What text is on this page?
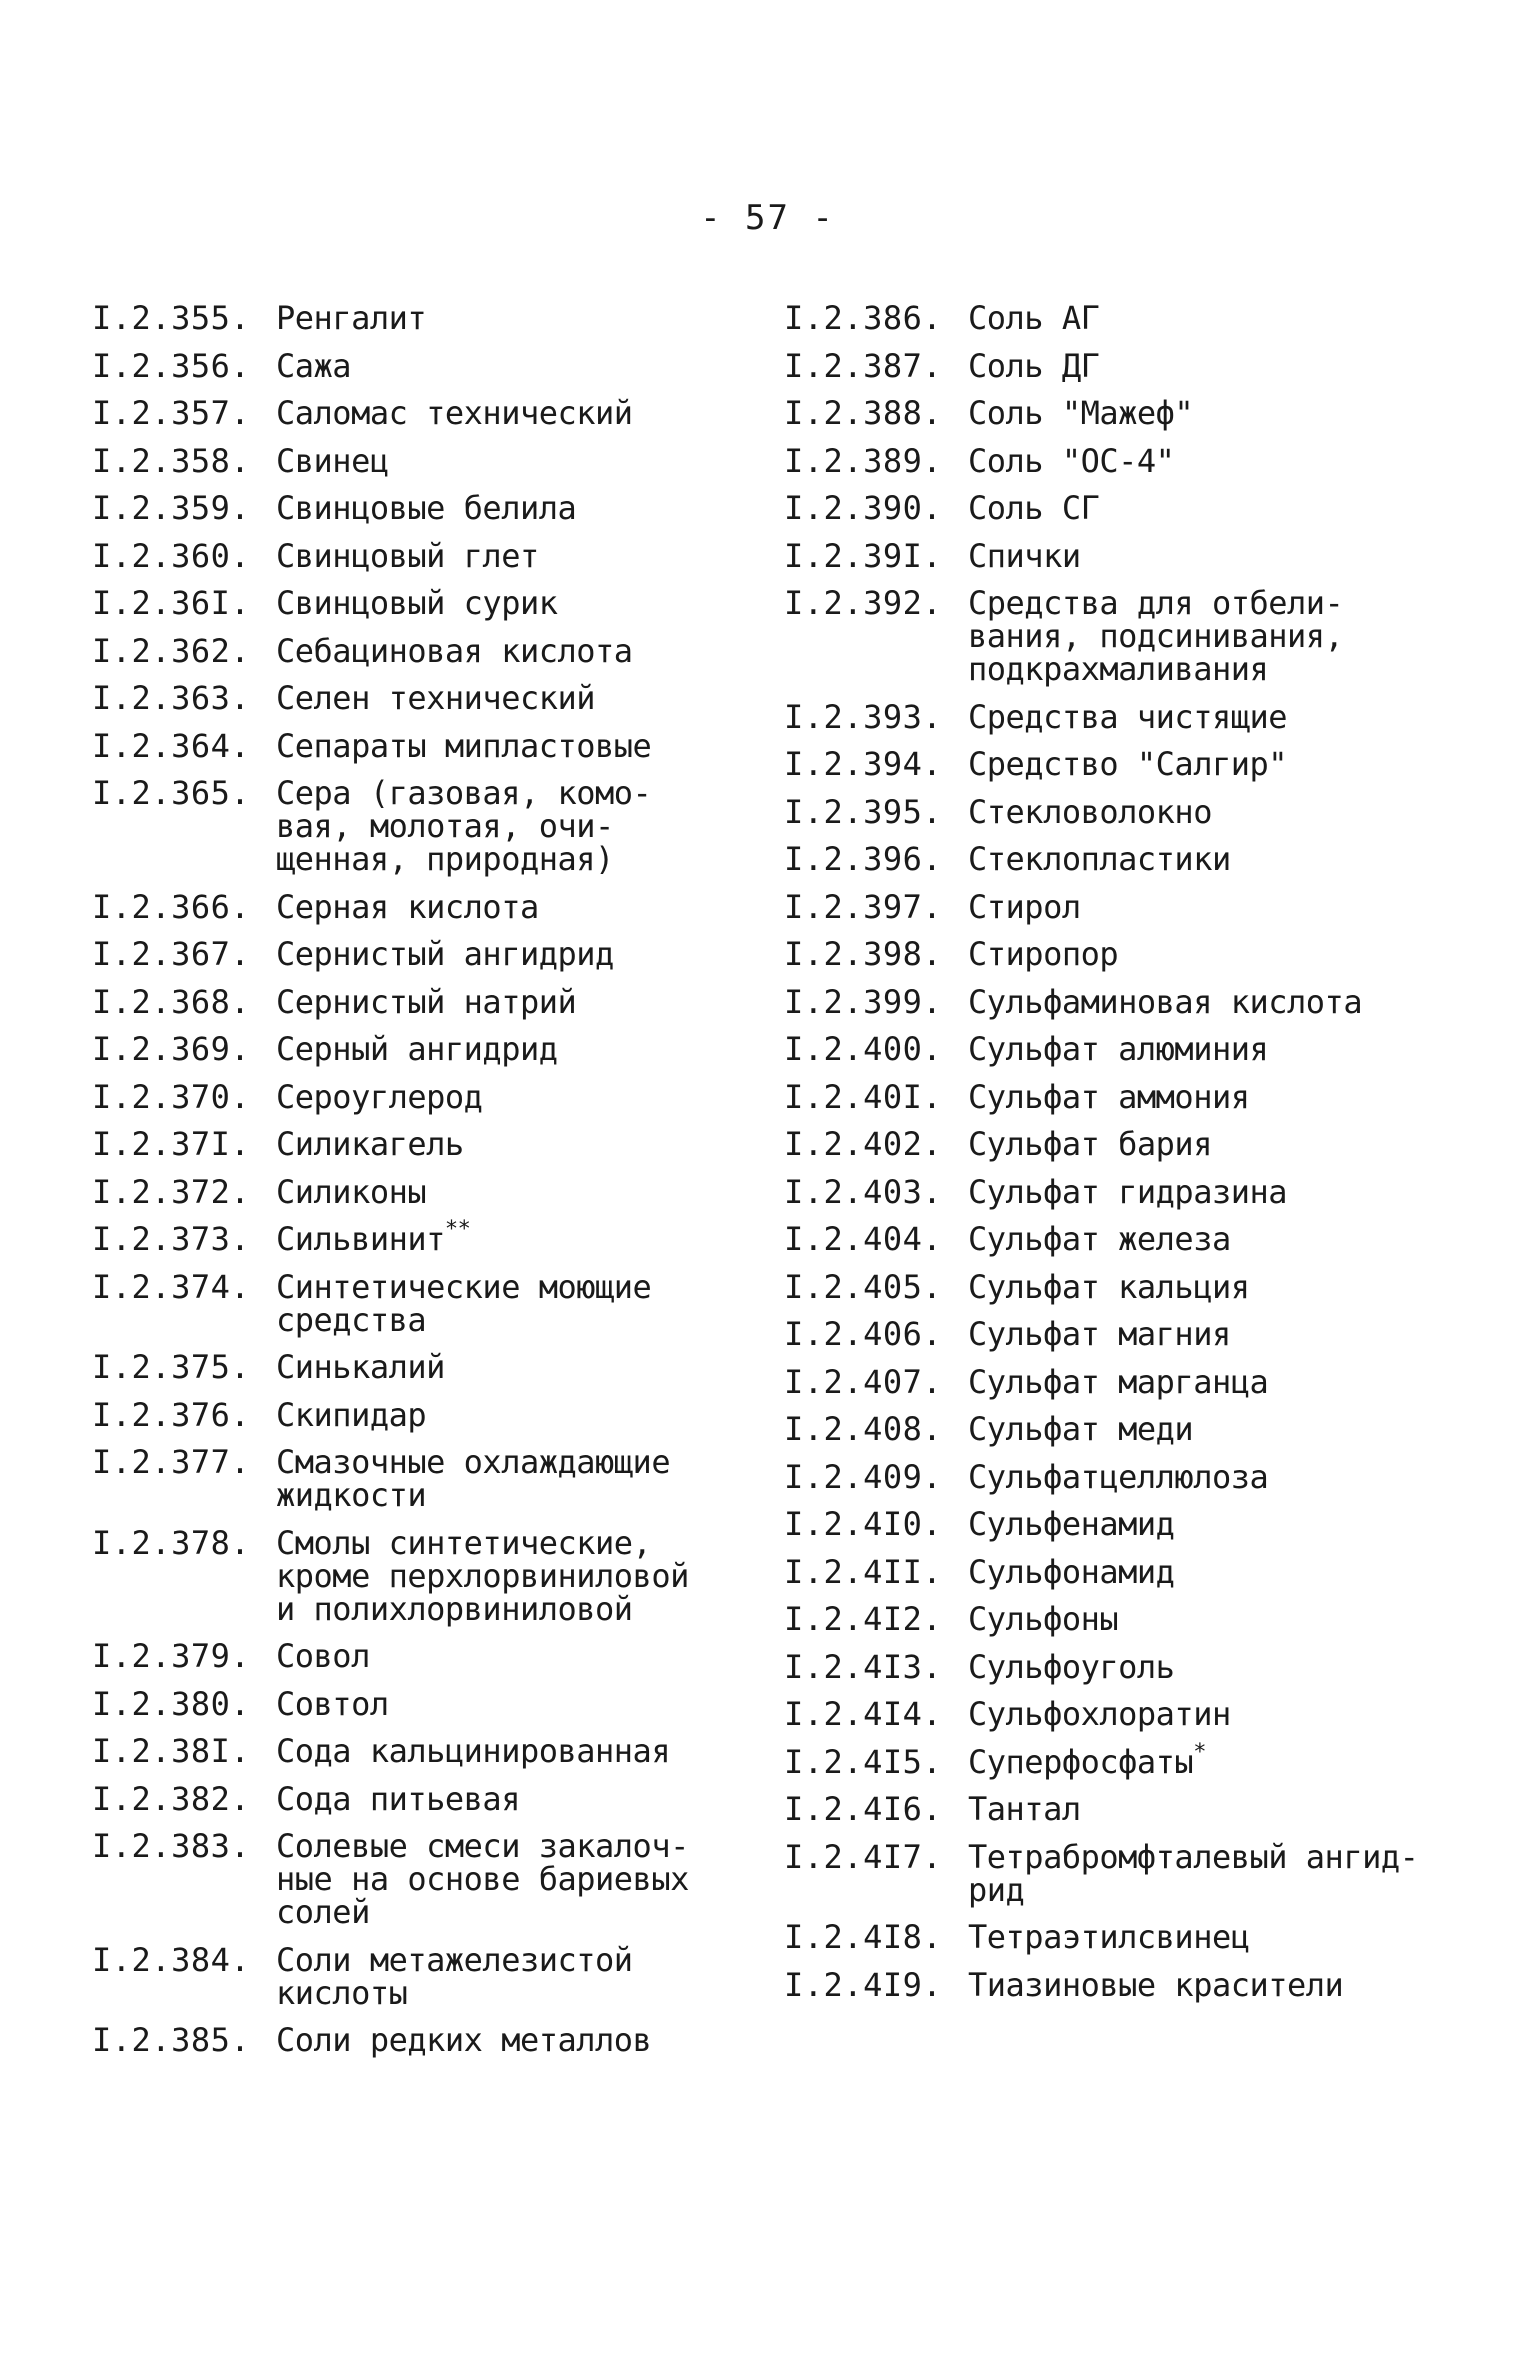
- 57 -
I.2.355. Ренгалит
I.2.356. Сажа
I.2.357. Саломас технический
I.2.358. Свинец
I.2.359. Свинцовые белила
I.2.360. Свинцовый глет
I.2.36I. Свинцовый сурик
I.2.362. Себациновая кислота
I.2.363. Селен технический
I.2.364. Сепараты мипластовые
I.2.365. Сера (газовая, комо-
вая, молотая, очи-
щенная, природная)
I.2.366. Серная кислота
I.2.367. Сернистый ангидрид
I.2.368. Сернистый натрий
I.2.369. Серный ангидрид
I.2.370. Сероуглерод
I.2.37I. Силикагель
I.2.372. Силиконы
I.2.373. Сильвинит**
I.2.374. Синтетические моющие
средства
I.2.375. Синькалий
I.2.376. Скипидар
I.2.377. Смазочные охлаждающие
жидкости
I.2.378. Смолы синтетические,
кроме перхлорвиниловой
и полихлорвиниловой
I.2.379. Совол
I.2.380. Совтол
I.2.38I. Сода кальцинированная
I.2.382. Сода питьевая
I.2.383. Солевые смеси закалоч-
ные на основе бариевых
солей
I.2.384. Соли метажелезистой
кислоты
I.2.385. Соли редких металлов
I.2.386. Соль АГ
I.2.387. Соль ДГ
I.2.388. Соль "Мажеф"
I.2.389. Соль "ОС-4"
I.2.390. Соль СГ
I.2.39I. Спички
I.2.392. Средства для отбели-
вания, подсинивания,
подкрахмаливания
I.2.393. Средства чистящие
I.2.394. Средство "Салгир"
I.2.395. Стекловолокно
I.2.396. Стеклопластики
I.2.397. Стирол
I.2.398. Стиропор
I.2.399. Сульфаминовая кислота
I.2.400. Сульфат алюминия
I.2.40I. Сульфат аммония
I.2.402. Сульфат бария
I.2.403. Сульфат гидразина
I.2.404. Сульфат железа
I.2.405. Сульфат кальция
I.2.406. Сульфат магния
I.2.407. Сульфат марганца
I.2.408. Сульфат меди
I.2.409. Сульфатцеллюлоза
I.2.4I0. Сульфенамид
I.2.4II. Сульфонамид
I.2.4I2. Сульфоны
I.2.4I3. Сульфоуголь
I.2.4I4. Сульфохлоратин
I.2.4I5. Суперфосфаты*
I.2.4I6. Тантал
I.2.4I7. Тетрабромфталевый ангид-
рид
I.2.4I8. Тетраэтилсвинец
I.2.4I9. Тиазиновые красители
